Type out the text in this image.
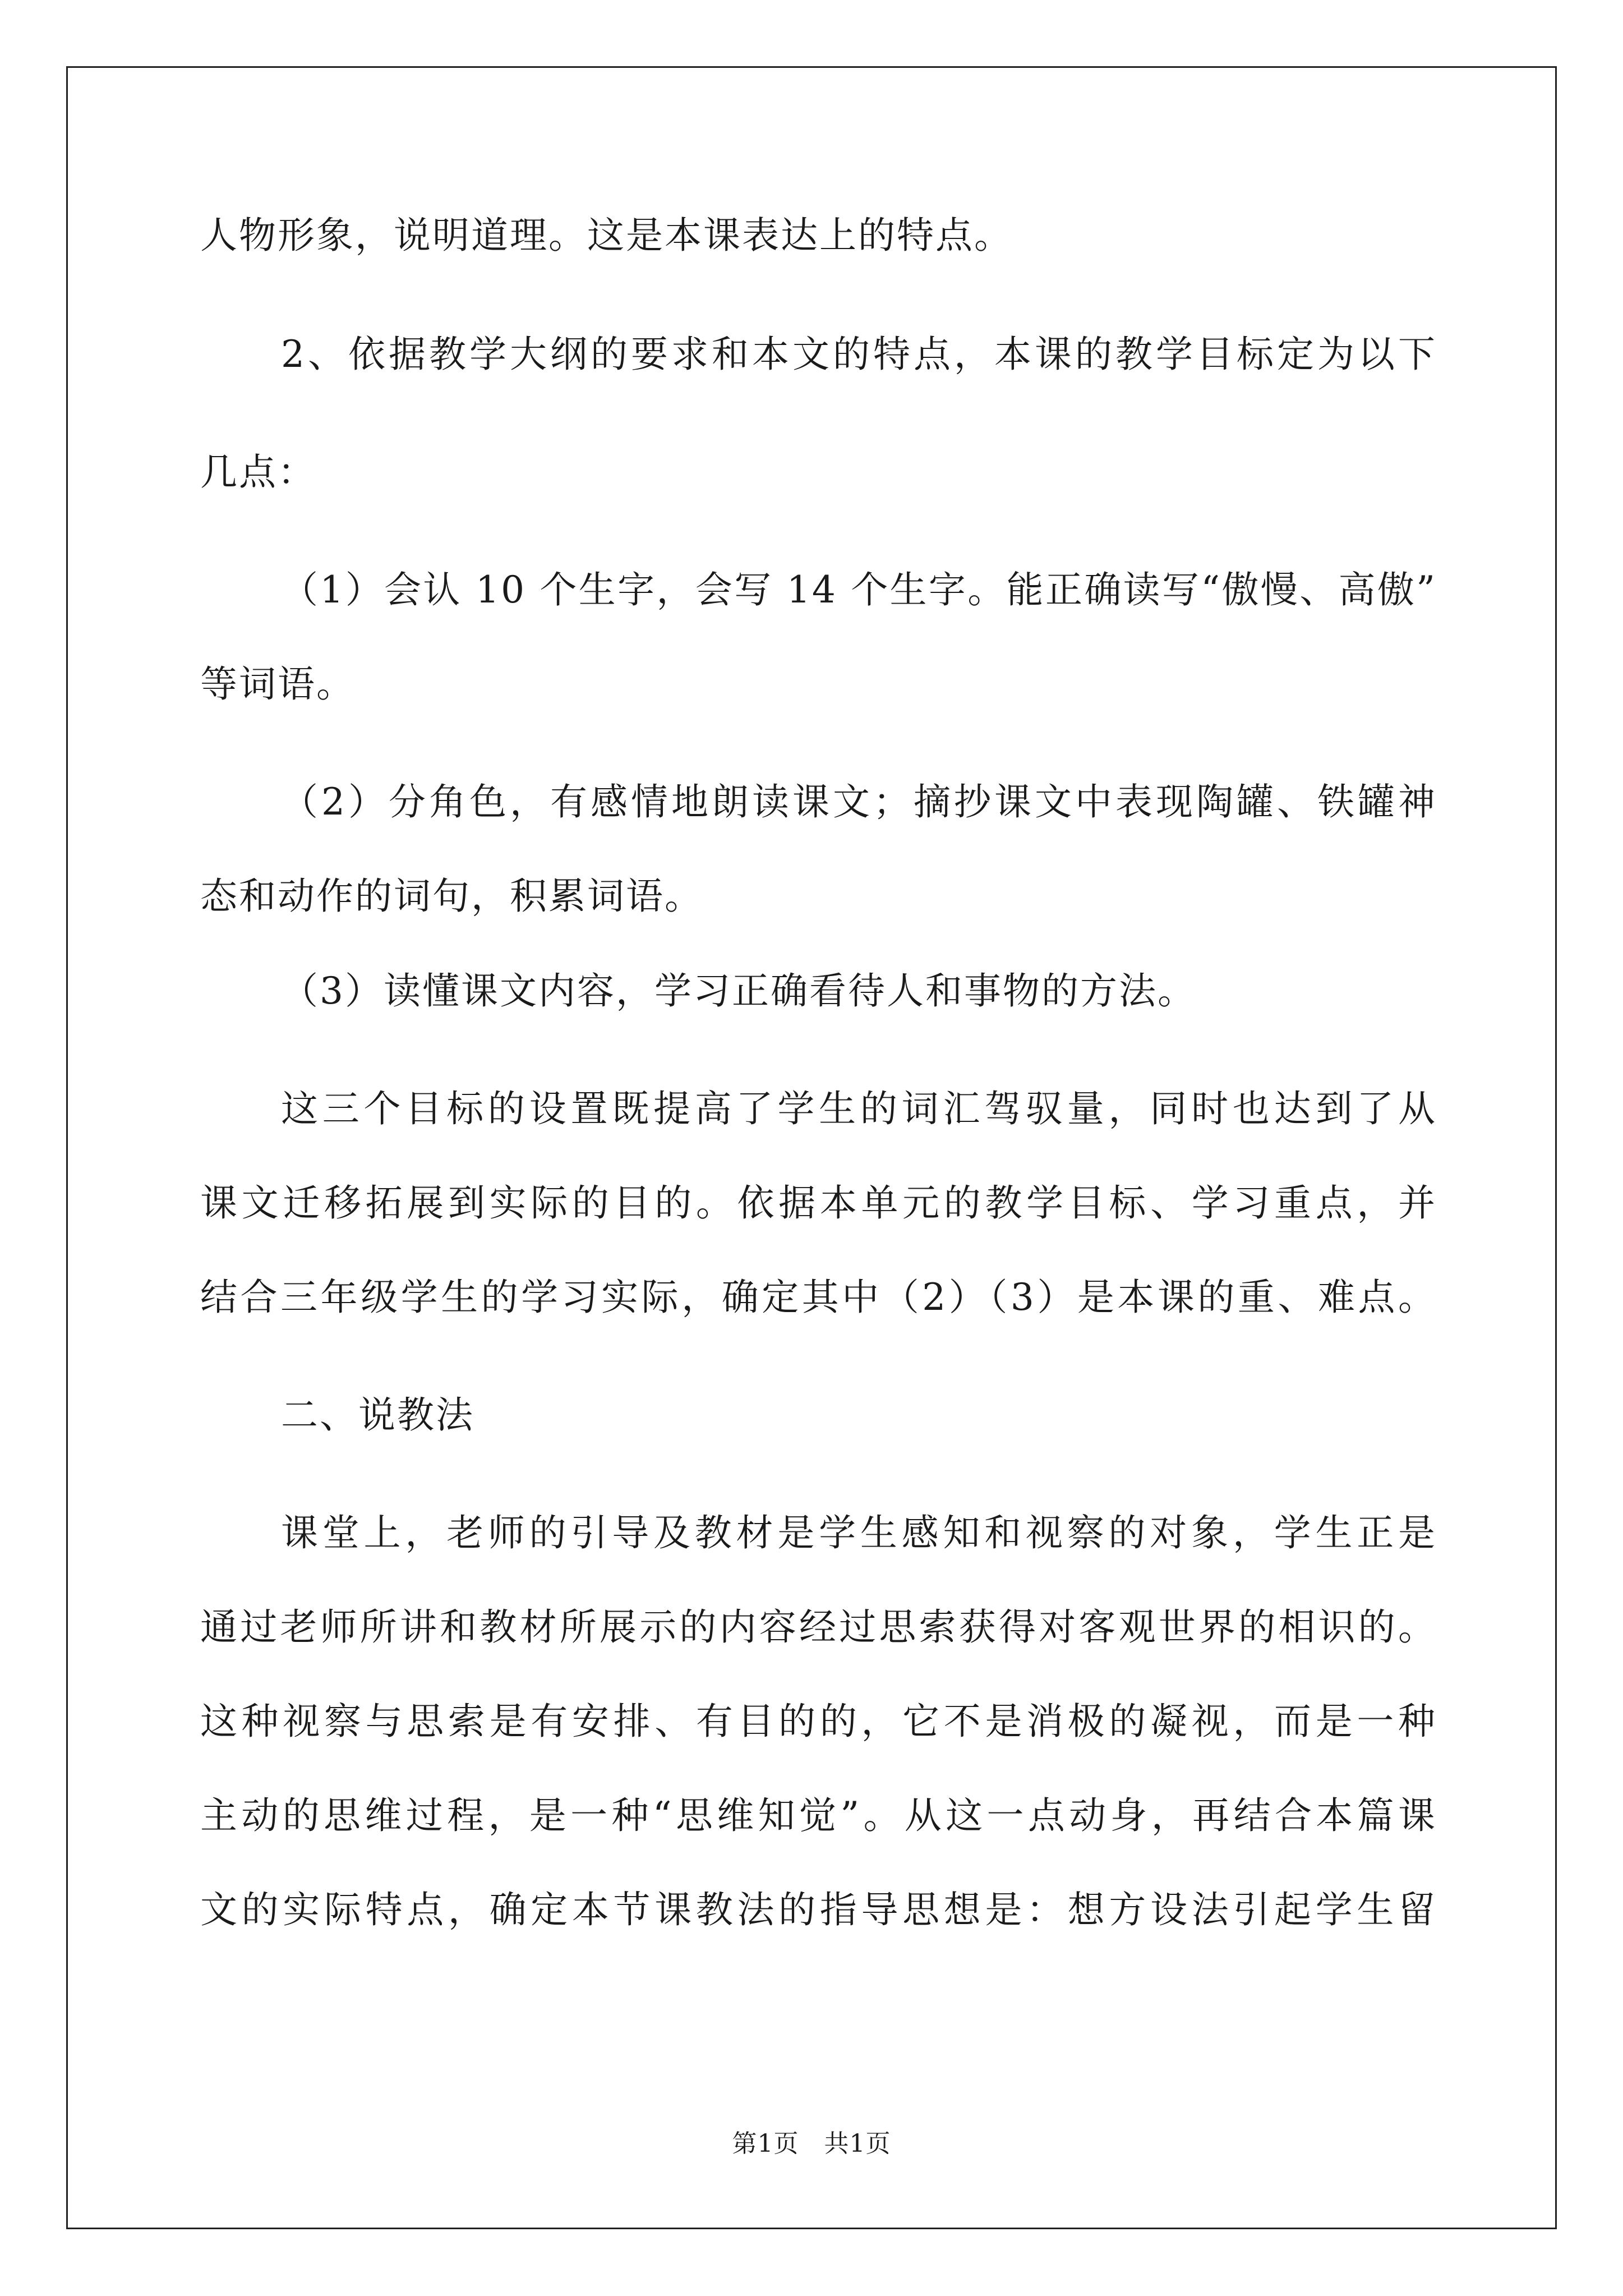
人物形象，说明道理。这是本课表达上的特点。
2、依据教学大纲的要求和本文的特点，本课的教学目标定为以下
几点：
（1）会认 10 个生字，会写 14 个生字。能正确读写“傲慢、高傲”
等词语。
（2）分角色，有感情地朗读课文；摘抄课文中表现陶罐、铁罐神
态和动作的词句，积累词语。
（3）读懂课文内容，学习正确看待人和事物的方法。
这三个目标的设置既提高了学生的词汇驾驭量，同时也达到了从
课文迁移拓展到实际的目的。依据本单元的教学目标、学习重点，并
结合三年级学生的学习实际，确定其中（2）（3）是本课的重、难点。
二、说教法
课堂上，老师的引导及教材是学生感知和视察的对象，学生正是
通过老师所讲和教材所展示的内容经过思索获得对客观世界的相识的。
这种视察与思索是有安排、有目的的，它不是消极的凝视，而是一种
主动的思维过程，是一种“思维知觉”。从这一点动身，再结合本篇课
文的实际特点，确定本节课教法的指导思想是：想方设法引起学生留
第1页　共1页
